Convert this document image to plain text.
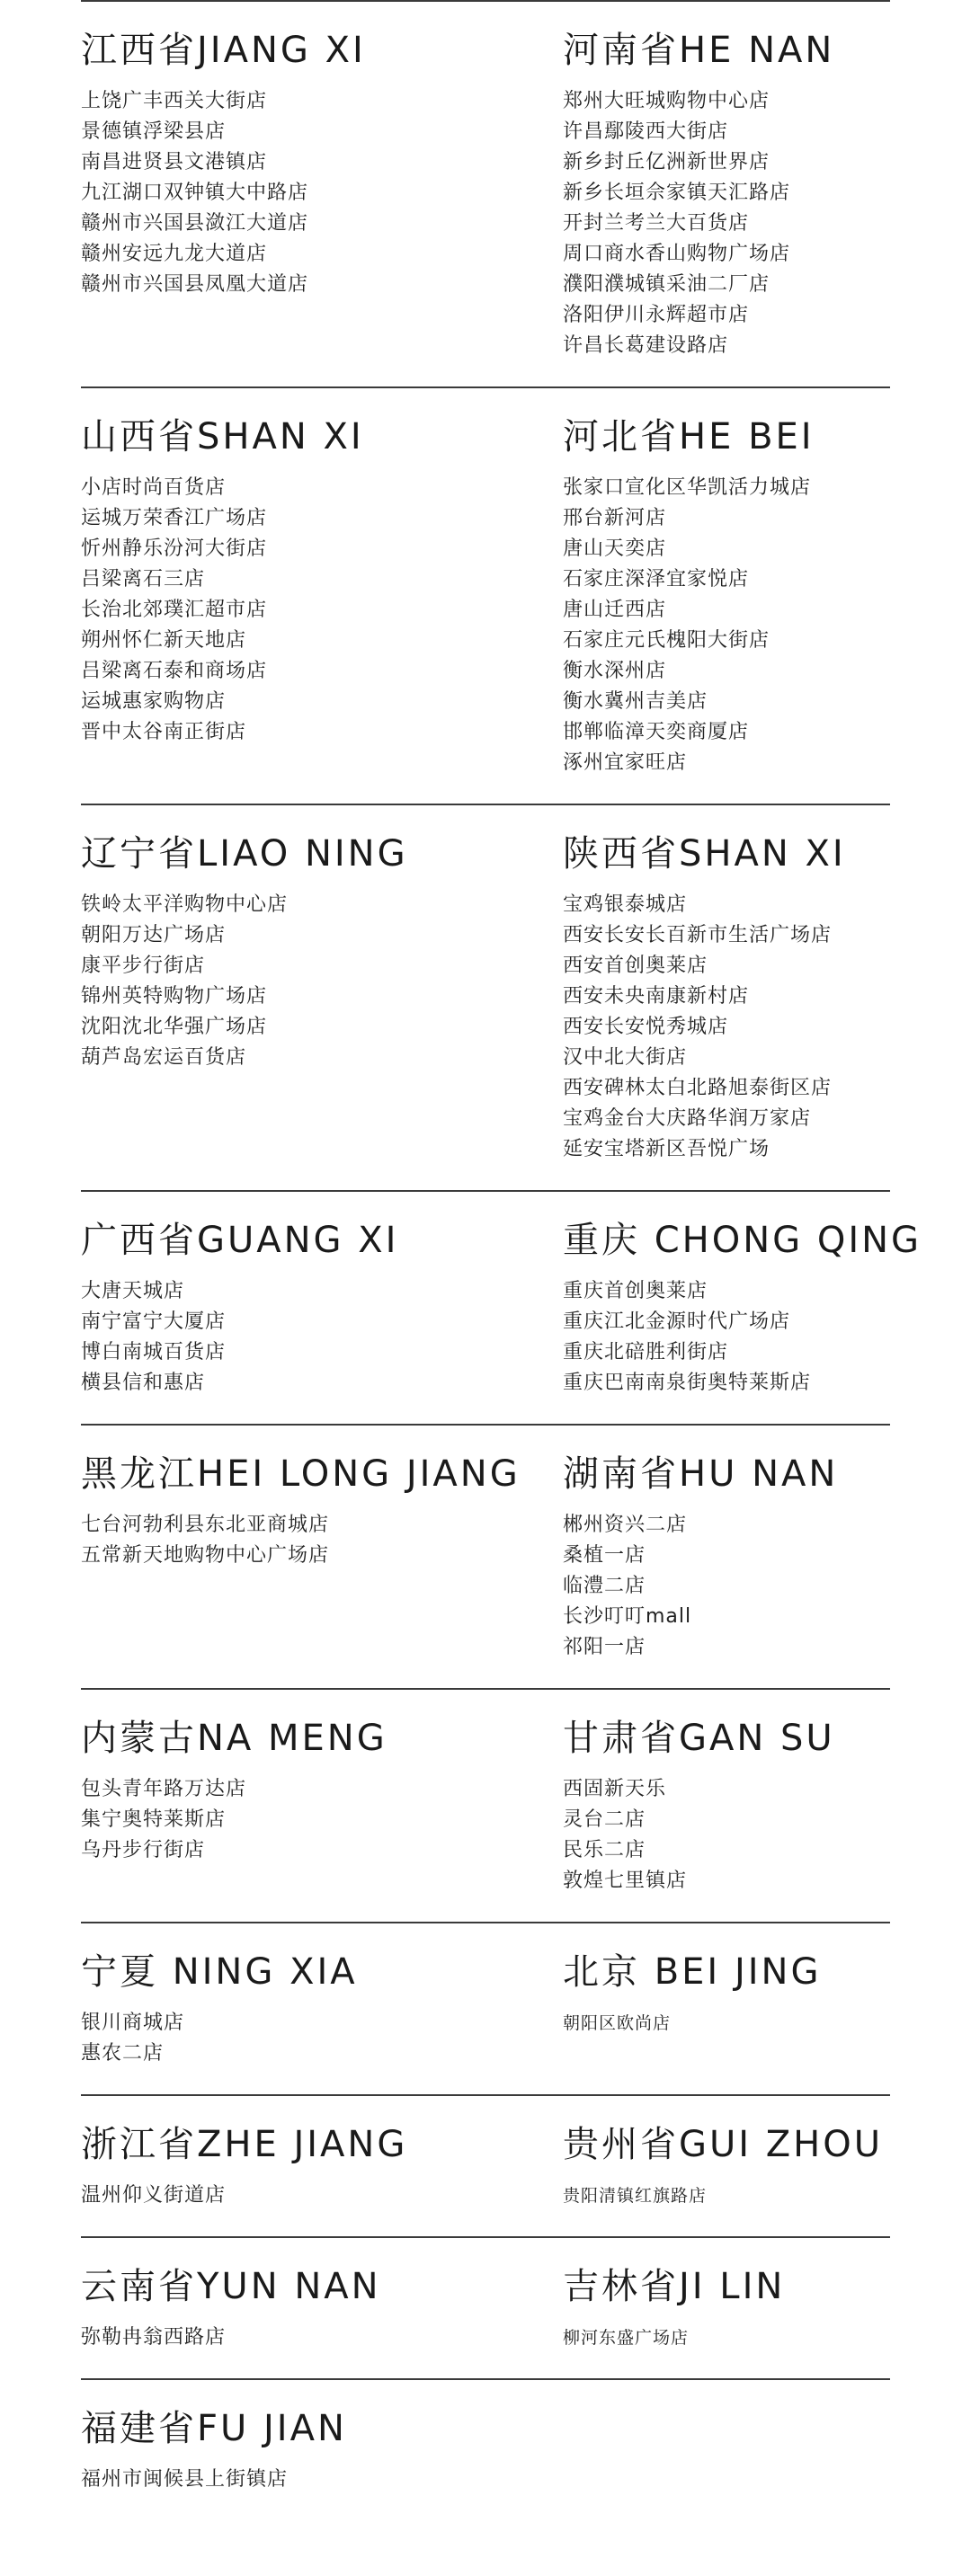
江西省JIANG XI
上饶广丰西关大街店
景德镇浮梁县店
南昌进贤县文港镇店
九江湖口双钟镇大中路店
赣州市兴国县潋江大道店
赣州安远九龙大道店
赣州市兴国县凤凰大道店
河南省HE NAN
郑州大旺城购物中心店
许昌鄢陵西大街店
新乡封丘亿洲新世界店
新乡长垣佘家镇天汇路店
开封兰考兰大百货店
周口商水香山购物广场店
濮阳濮城镇采油二厂店
洛阳伊川永辉超市店
许昌长葛建设路店
山西省SHAN XI
小店时尚百货店
运城万荣香江广场店
忻州静乐汾河大街店
吕梁离石三店
长治北郊璞汇超市店
朔州怀仁新天地店
吕梁离石泰和商场店
运城惠家购物店
晋中太谷南正街店
河北省HE BEI
张家口宣化区华凯活力城店
邢台新河店
唐山天奕店
石家庄深泽宜家悦店
唐山迁西店
石家庄元氏槐阳大街店
衡水深州店
衡水冀州吉美店
邯郸临漳天奕商厦店
涿州宜家旺店
辽宁省LIAO NING
铁岭太平洋购物中心店
朝阳万达广场店
康平步行街店
锦州英特购物广场店
沈阳沈北华强广场店
葫芦岛宏运百货店
陕西省SHAN XI
宝鸡银泰城店
西安长安长百新市生活广场店
西安首创奥莱店
西安未央南康新村店
西安长安悦秀城店
汉中北大街店
西安碑林太白北路旭泰街区店
宝鸡金台大庆路华润万家店
延安宝塔新区吾悦广场
广西省GUANG XI
大唐天城店
南宁富宁大厦店
博白南城百货店
横县信和惠店
重庆 CHONG QING
重庆首创奥莱店
重庆江北金源时代广场店
重庆北碚胜利街店
重庆巴南南泉街奥特莱斯店
黑龙江HEI LONG JIANG
七台河勃利县东北亚商城店
五常新天地购物中心广场店
湖南省HU NAN
郴州资兴二店
桑植一店
临澧二店
长沙叮叮mall
祁阳一店
内蒙古NA MENG
包头青年路万达店
集宁奥特莱斯店
乌丹步行街店
甘肃省GAN SU
西固新天乐
灵台二店
民乐二店
敦煌七里镇店
宁夏 NING XIA
银川商城店
惠农二店
北京 BEI JING
朝阳区欧尚店
浙江省ZHE JIANG
温州仰义街道店
贵州省GUI ZHOU
贵阳清镇红旗路店
云南省YUN NAN
弥勒冉翁西路店
吉林省JI LIN
柳河东盛广场店
福建省FU JIAN
福州市闽候县上街镇店
